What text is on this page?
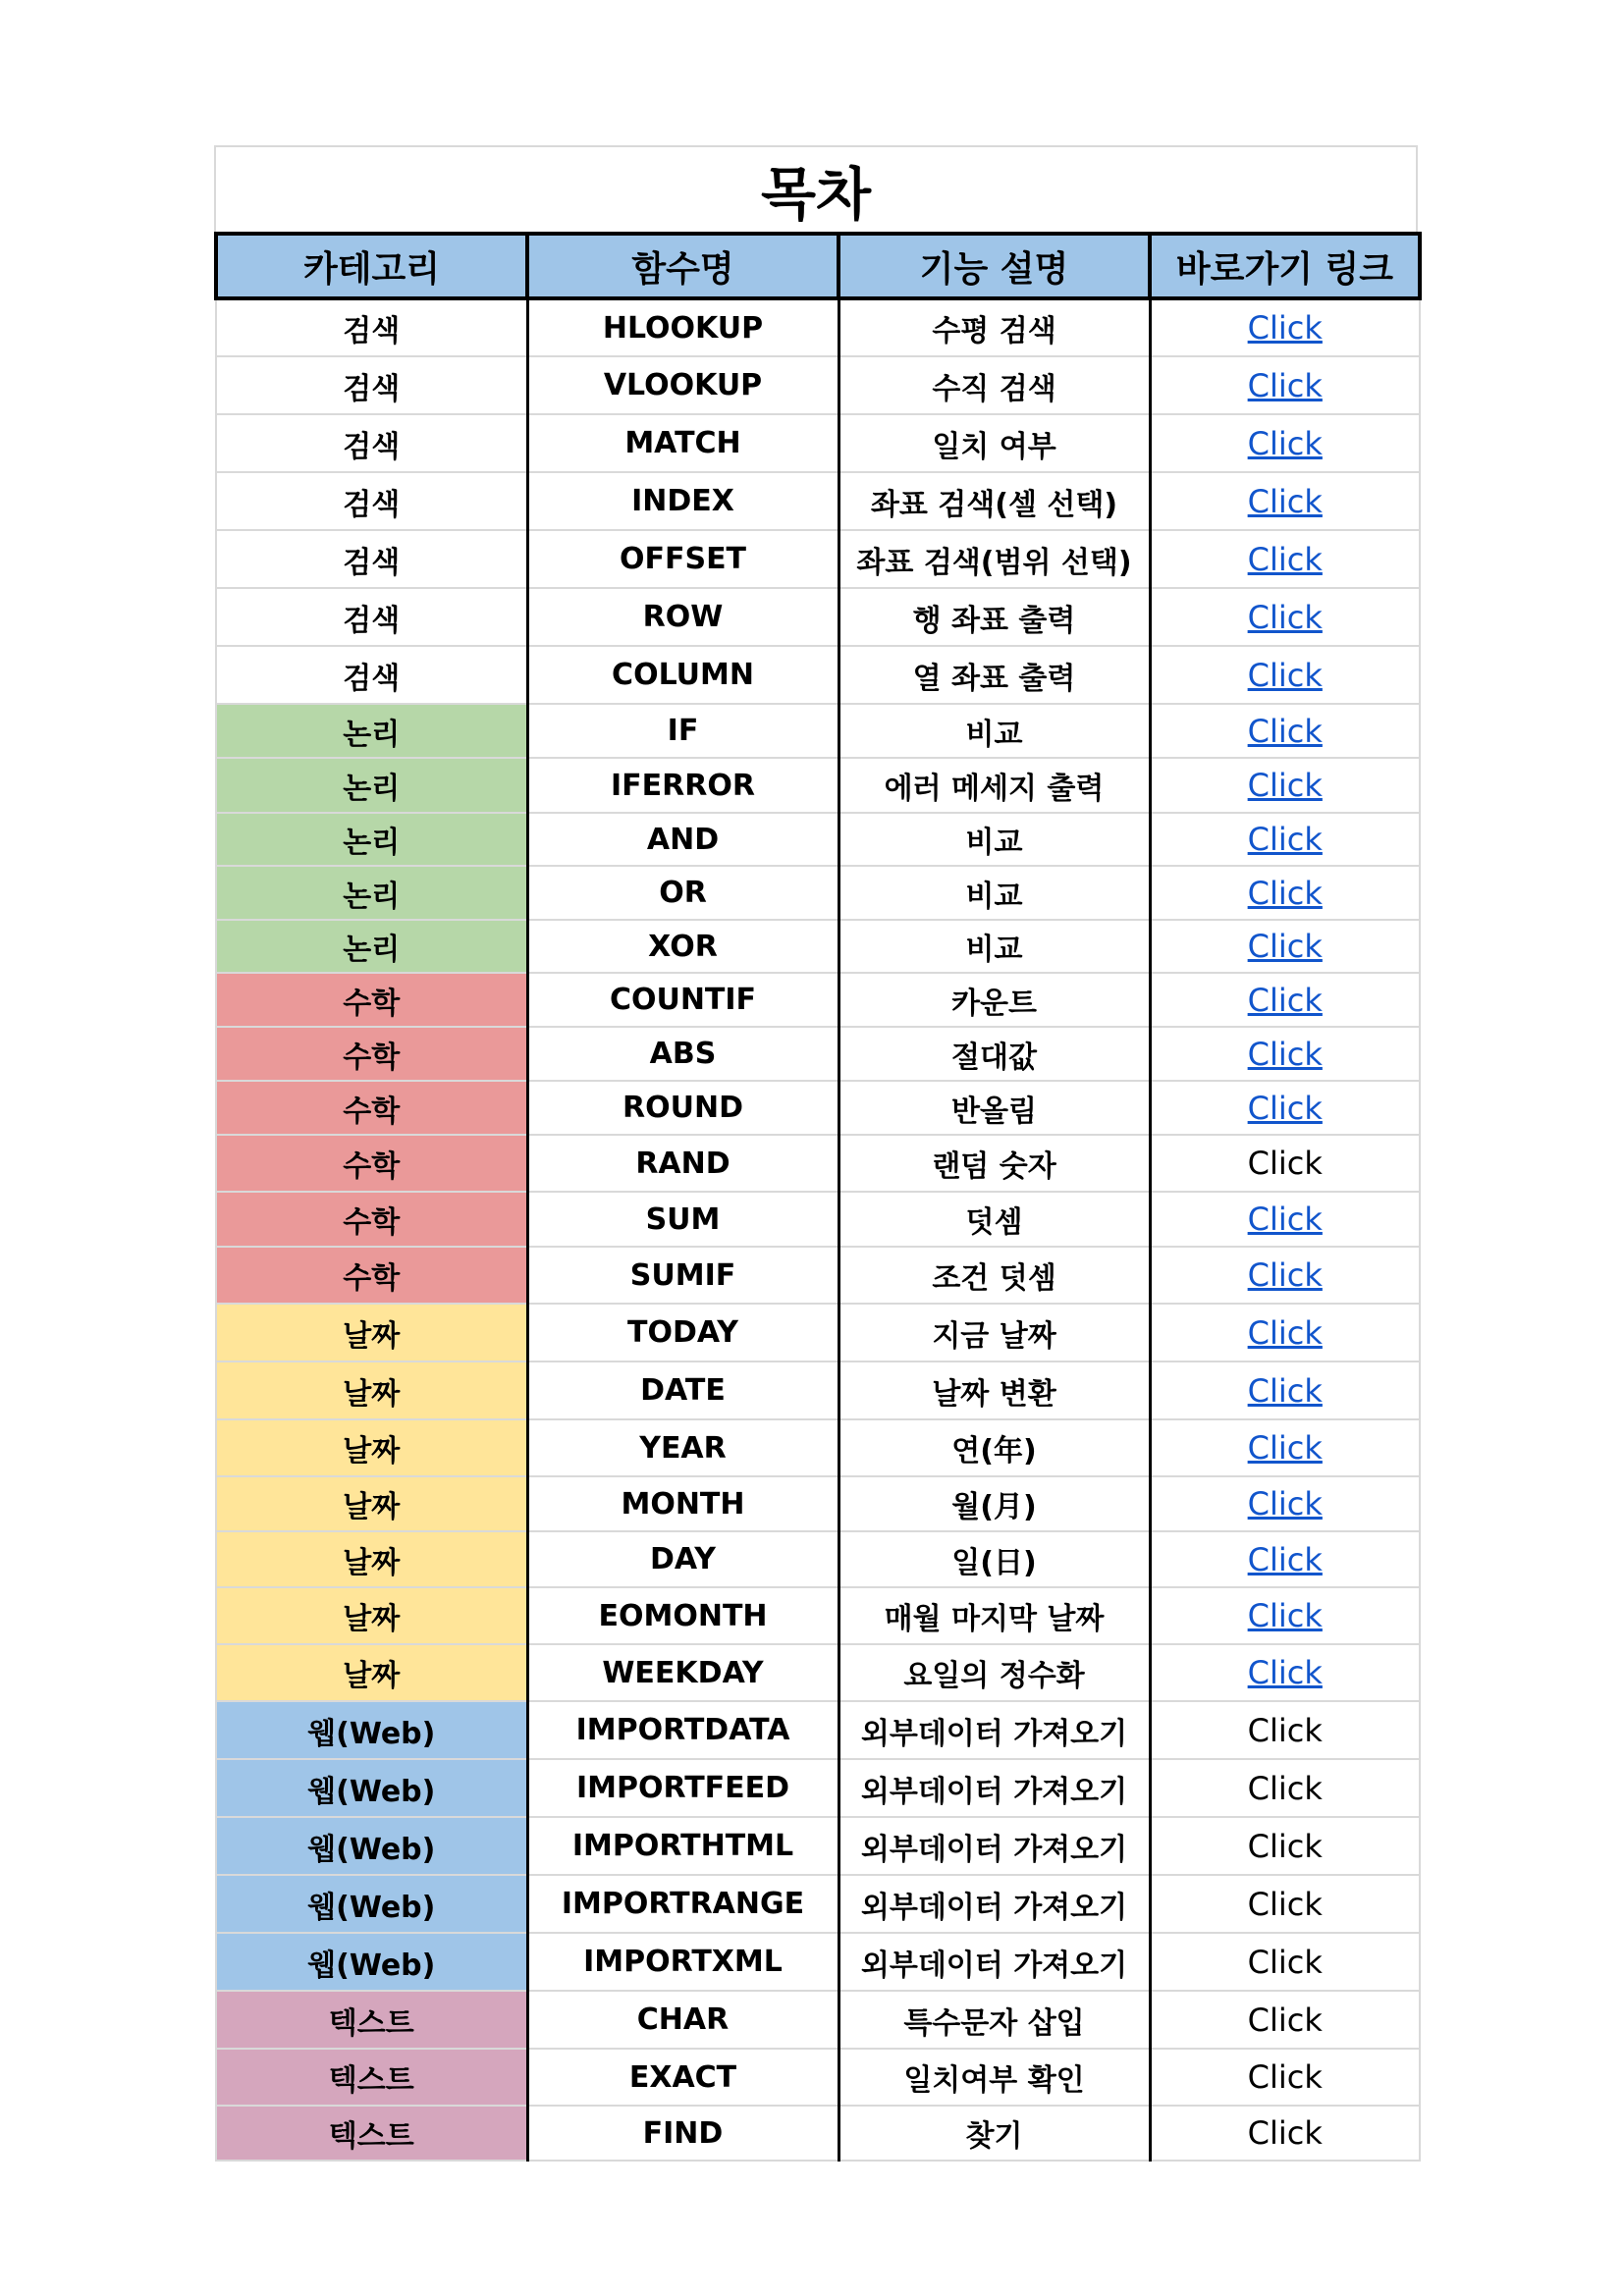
목차
카테고리	함수명	기능 설명	바로가기 링크
검색	HLOOKUP	수평 검색	Click
검색	VLOOKUP	수직 검색	Click
검색	MATCH	일치 여부	Click
검색	INDEX	좌표 검색(셀 선택)	Click
검색	OFFSET	좌표 검색(범위 선택)	Click
검색	ROW	행 좌표 출력	Click
검색	COLUMN	열 좌표 출력	Click
논리	IF	비교	Click
논리	IFERROR	에러 메세지 출력	Click
논리	AND	비교	Click
논리	OR	비교	Click
논리	XOR	비교	Click
수학	COUNTIF	카운트	Click
수학	ABS	절대값	Click
수학	ROUND	반올림	Click
수학	RAND	랜덤 숫자	Click
수학	SUM	덧셈	Click
수학	SUMIF	조건 덧셈	Click
날짜	TODAY	지금 날짜	Click
날짜	DATE	날짜 변환	Click
날짜	YEAR	연(年)	Click
날짜	MONTH	월(月)	Click
날짜	DAY	일(日)	Click
날짜	EOMONTH	매월 마지막 날짜	Click
날짜	WEEKDAY	요일의 정수화	Click
웹(Web)	IMPORTDATA	외부데이터 가져오기	Click
웹(Web)	IMPORTFEED	외부데이터 가져오기	Click
웹(Web)	IMPORTHTML	외부데이터 가져오기	Click
웹(Web)	IMPORTRANGE	외부데이터 가져오기	Click
웹(Web)	IMPORTXML	외부데이터 가져오기	Click
텍스트	CHAR	특수문자 삽입	Click
텍스트	EXACT	일치여부 확인	Click
텍스트	FIND	찾기	Click
